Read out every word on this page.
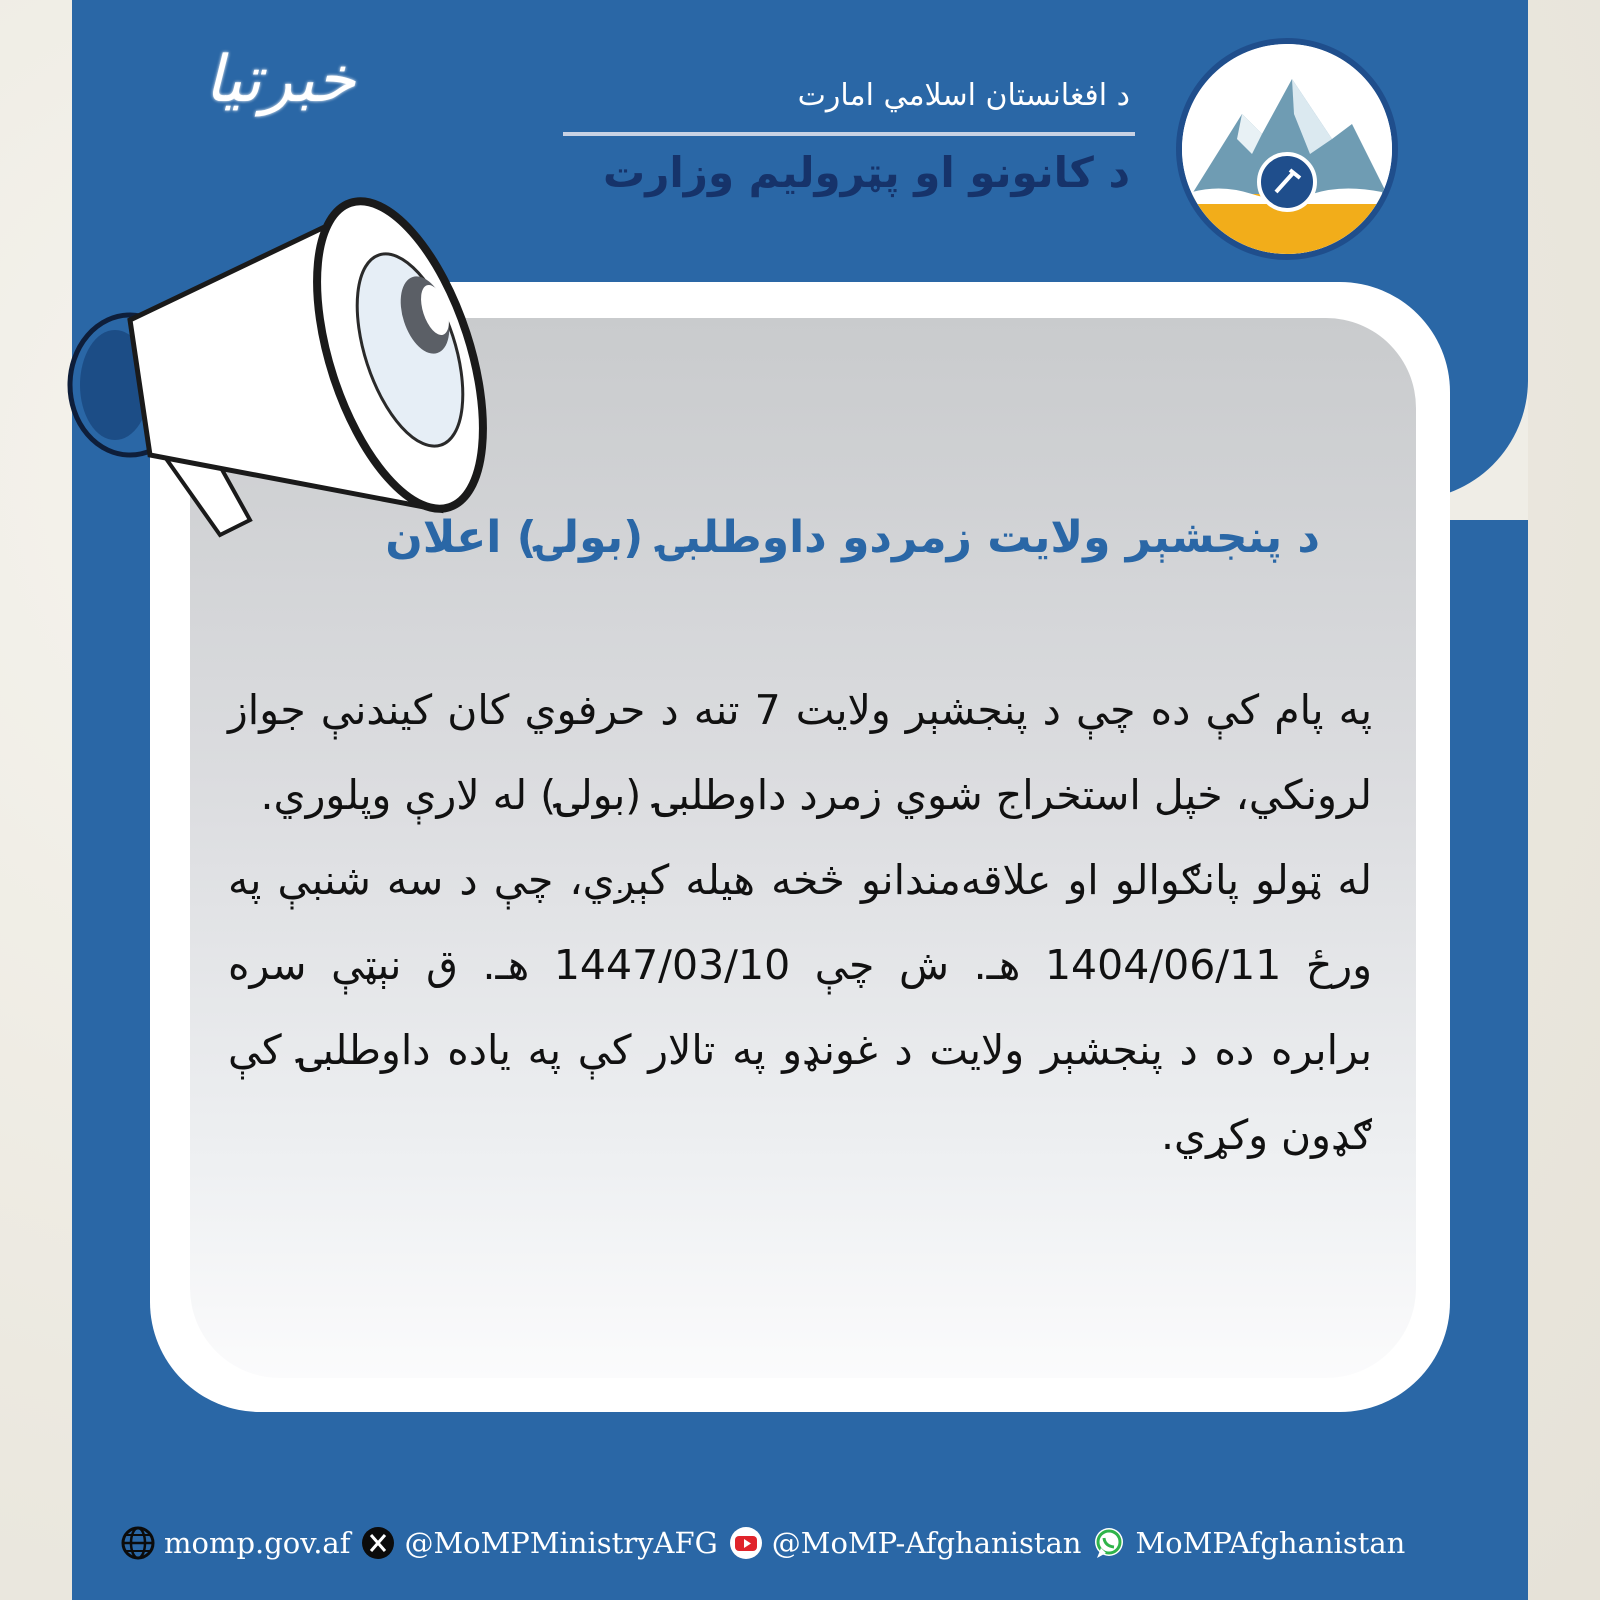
خبرتیا	د افغانستان اسلامي امارت
د کانونو او پټرولیم وزارت
د پنجشېر ولایت زمردو داوطلبۍ (بولۍ) اعلان

په پام کې ده چې د پنجشېر ولایت 7 تنه د حرفوي کان کیندنې جواز لرونکي، خپل استخراج شوي زمرد داوطلبۍ (بولۍ) له لارې وپلوري.

له ټولو پانګوالو او علاقه‌مندانو څخه هیله کېږي، چې د سه شنبې په ورځ 1404/06/11 هـ. ش چې 1447/03/10 هـ. ق نېټې سره برابره ده د پنجشېر ولایت د غونډو په تالار کې په یاده داوطلبۍ کې ګډون وکړي.

momp.gov.af @MoMPMinistryAFG @MoMP-Afghanistan MoMPAfghanistan
